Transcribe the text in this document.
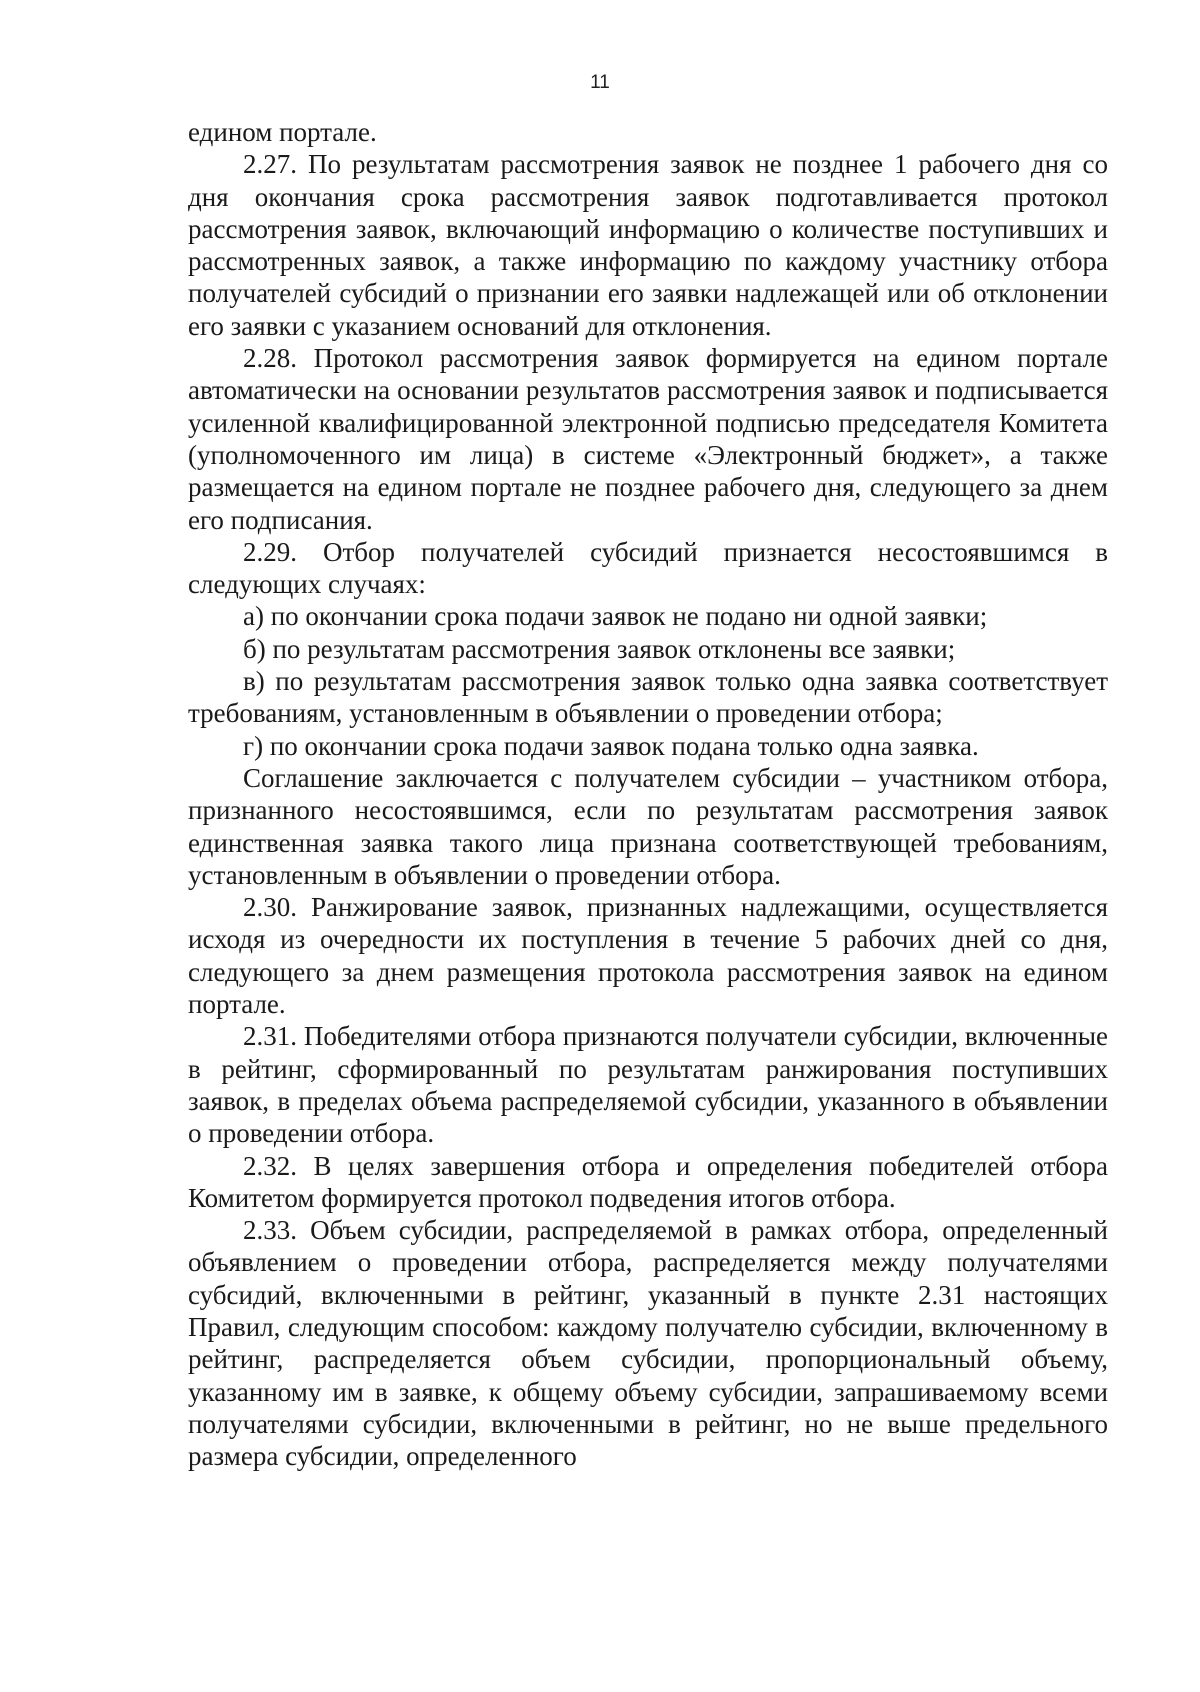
11

едином портале.

2.27. По результатам рассмотрения заявок не позднее 1 рабочего дня со дня окончания срока рассмотрения заявок подготавливается протокол рассмотрения заявок, включающий информацию о количестве поступивших и рассмотренных заявок, а также информацию по каждому участнику отбора получателей субсидий о признании его заявки надлежащей или об отклонении его заявки с указанием оснований для отклонения.

2.28. Протокол рассмотрения заявок формируется на едином портале автоматически на основании результатов рассмотрения заявок и подписывается усиленной квалифицированной электронной подписью председателя Комитета (уполномоченного им лица) в системе «Электронный бюджет», а также размещается на едином портале не позднее рабочего дня, следующего за днем его подписания.

2.29. Отбор получателей субсидий признается несостоявшимся в следующих случаях:

а) по окончании срока подачи заявок не подано ни одной заявки;

б) по результатам рассмотрения заявок отклонены все заявки;

в) по результатам рассмотрения заявок только одна заявка соответствует требованиям, установленным в объявлении о проведении отбора;

г) по окончании срока подачи заявок подана только одна заявка.

Соглашение заключается с получателем субсидии – участником отбора, признанного несостоявшимся, если по результатам рассмотрения заявок единственная заявка такого лица признана соответствующей требованиям, установленным в объявлении о проведении отбора.

2.30. Ранжирование заявок, признанных надлежащими, осуществляется исходя из очередности их поступления в течение 5 рабочих дней со дня, следующего за днем размещения протокола рассмотрения заявок на едином портале.

2.31. Победителями отбора признаются получатели субсидии, включенные в рейтинг, сформированный по результатам ранжирования поступивших заявок, в пределах объема распределяемой субсидии, указанного в объявлении о проведении отбора.

2.32. В целях завершения отбора и определения победителей отбора Комитетом формируется протокол подведения итогов отбора.

2.33. Объем субсидии, распределяемой в рамках отбора, определенный объявлением о проведении отбора, распределяется между получателями субсидий, включенными в рейтинг, указанный в пункте 2.31 настоящих Правил, следующим способом: каждому получателю субсидии, включенному в рейтинг, распределяется объем субсидии, пропорциональный объему, указанному им в заявке, к общему объему субсидии, запрашиваемому всеми получателями субсидии, включенными в рейтинг, но не выше предельного размера субсидии, определенного
